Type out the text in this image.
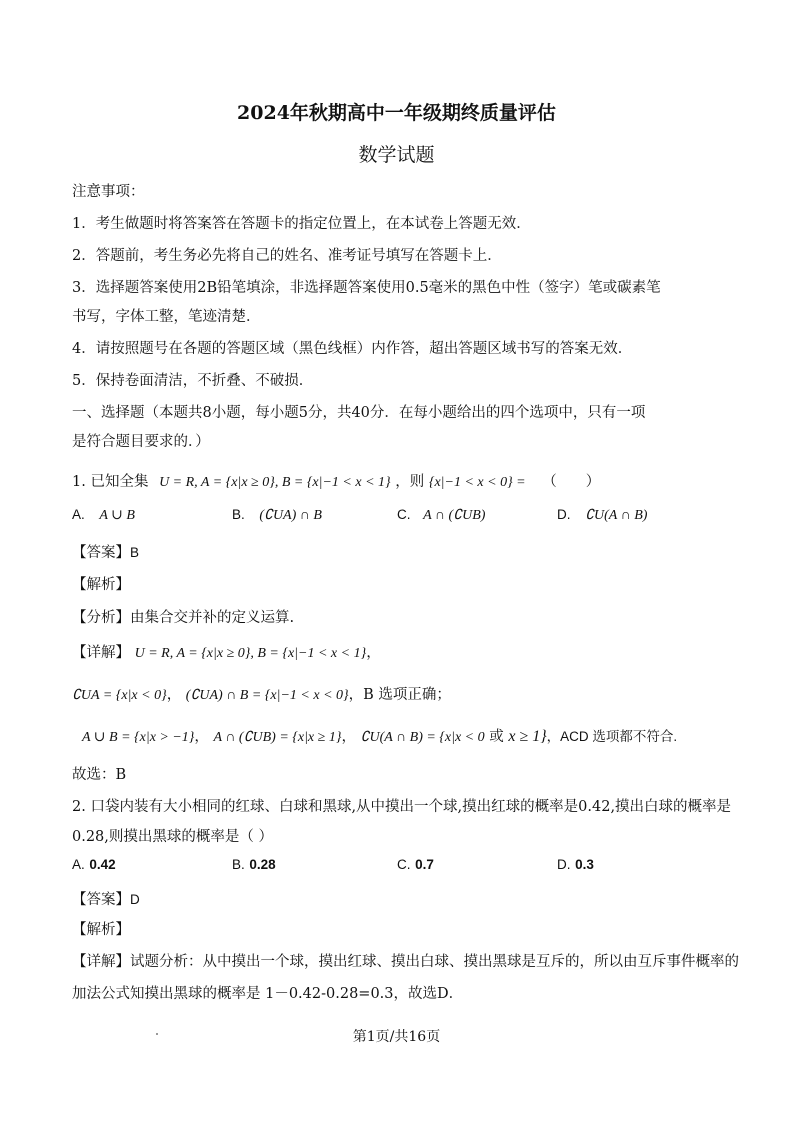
2024年秋期高中一年级期终质量评估
数学试题
注意事项：
1．考生做题时将答案答在答题卡的指定位置上，在本试卷上答题无效．
2．答题前，考生务必先将自己的姓名、准考证号填写在答题卡上．
3．选择题答案使用2B铅笔填涂，非选择题答案使用0.5毫米的黑色中性（签字）笔或碳素笔
书写，字体工整，笔迹清楚．
4．请按照题号在各题的答题区域（黑色线框）内作答，超出答题区域书写的答案无效．
5．保持卷面清洁，不折叠、不破损．
一、选择题（本题共8小题，每小题5分，共40分．在每小题给出的四个选项中，只有一项
是符合题目要求的．）
1. 已知全集 U = R, A = {x|x ≥ 0}, B = {x|−1 < x < 1} ，则 {x|−1 < x < 0} = （　　）
A. A ∪ B	B. (∁UA) ∩ B	C. A ∩ (∁UB)	D. ∁U(A ∩ B)
【答案】B
【解析】
【分析】由集合交并补的定义运算.
【详解】 U = R, A = {x|x ≥ 0}, B = {x|−1 < x < 1}，
∁UA = {x|x < 0}， (∁UA) ∩ B = {x|−1 < x < 0}，B 选项正确；
A ∪ B = {x|x > −1}， A ∩ (∁UB) = {x|x ≥ 1}， ∁U(A ∩ B) = {x|x < 0 或 x ≥ 1}，ACD 选项都不符合.
故选：B
2. 口袋内装有大小相同的红球、白球和黑球,从中摸出一个球,摸出红球的概率是0.42,摸出白球的概率是
0.28,则摸出黑球的概率是（ ）
A. 0.42	B. 0.28	C. 0.7	D. 0.3
【答案】D
【解析】
【详解】试题分析：从中摸出一个球，摸出红球、摸出白球、摸出黑球是互斥的，所以由互斥事件概率的
加法公式知摸出黑球的概率是 1－0.42-0.28=0.3，故选D．
第1页/共16页
